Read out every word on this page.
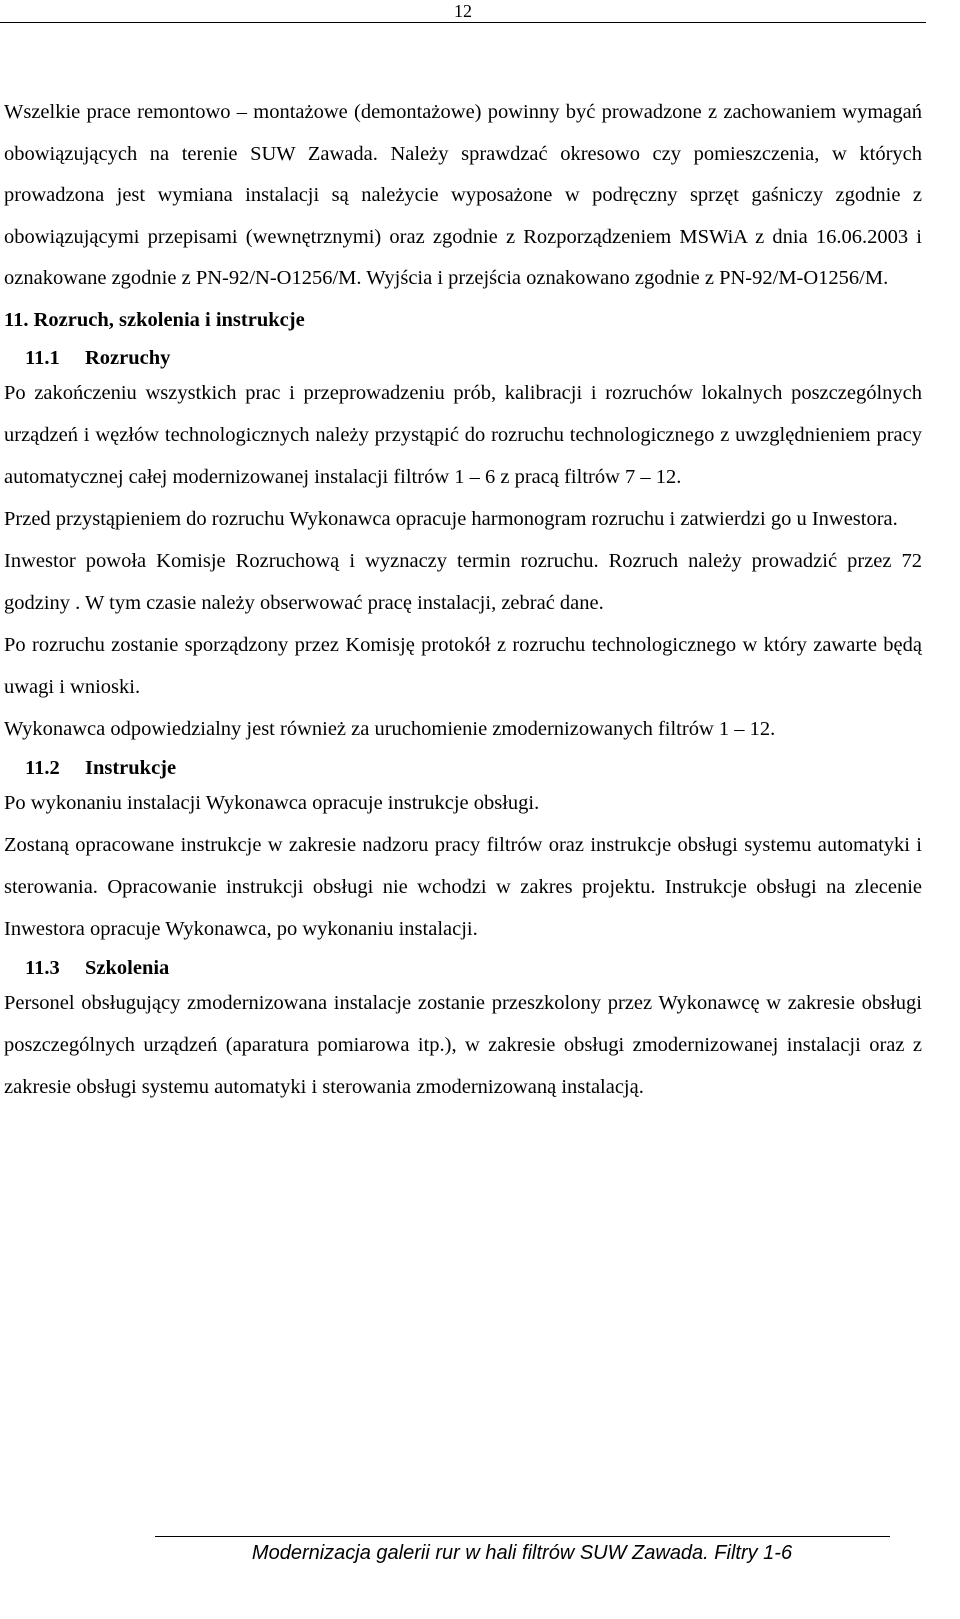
12

Wszelkie prace remontowo – montażowe (demontażowe) powinny być prowadzone z zachowaniem wymagań obowiązujących na terenie SUW Zawada. Należy sprawdzać okresowo czy pomieszczenia, w których prowadzona jest wymiana instalacji są należycie wyposażone w podręczny sprzęt gaśniczy zgodnie z obowiązującymi przepisami (wewnętrznymi) oraz zgodnie z Rozporządzeniem MSWiA z dnia 16.06.2003 i oznakowane zgodnie z PN-92/N-O1256/M. Wyjścia i przejścia oznakowano zgodnie z PN-92/M-O1256/M.

11. Rozruch, szkolenia i instrukcje
11.1 Rozruchy

Po zakończeniu wszystkich prac i przeprowadzeniu prób, kalibracji i rozruchów lokalnych poszczególnych urządzeń i węzłów technologicznych należy przystąpić do rozruchu technologicznego z uwzględnieniem pracy automatycznej całej modernizowanej instalacji filtrów 1 – 6 z pracą filtrów 7 – 12.

Przed przystąpieniem do rozruchu Wykonawca opracuje harmonogram rozruchu i zatwierdzi go u Inwestora.

Inwestor powoła Komisje Rozruchową i wyznaczy termin rozruchu. Rozruch należy prowadzić przez 72 godziny . W tym czasie należy obserwować pracę instalacji, zebrać dane.

Po rozruchu zostanie sporządzony przez Komisję protokół z rozruchu technologicznego w który zawarte będą uwagi i wnioski.

Wykonawca odpowiedzialny jest również za uruchomienie zmodernizowanych filtrów 1 – 12.

11.2 Instrukcje

Po wykonaniu instalacji Wykonawca opracuje instrukcje obsługi.

Zostaną opracowane instrukcje w zakresie nadzoru pracy filtrów oraz instrukcje obsługi systemu automatyki i sterowania. Opracowanie instrukcji obsługi nie wchodzi w zakres projektu. Instrukcje obsługi na zlecenie Inwestora opracuje Wykonawca, po wykonaniu instalacji.

11.3 Szkolenia

Personel obsługujący zmodernizowana instalacje zostanie przeszkolony przez Wykonawcę w zakresie obsługi poszczególnych urządzeń (aparatura pomiarowa itp.), w zakresie obsługi zmodernizowanej instalacji oraz z zakresie obsługi systemu automatyki i sterowania zmodernizowaną instalacją.

Modernizacja galerii rur w hali filtrów SUW Zawada. Filtry 1-6
